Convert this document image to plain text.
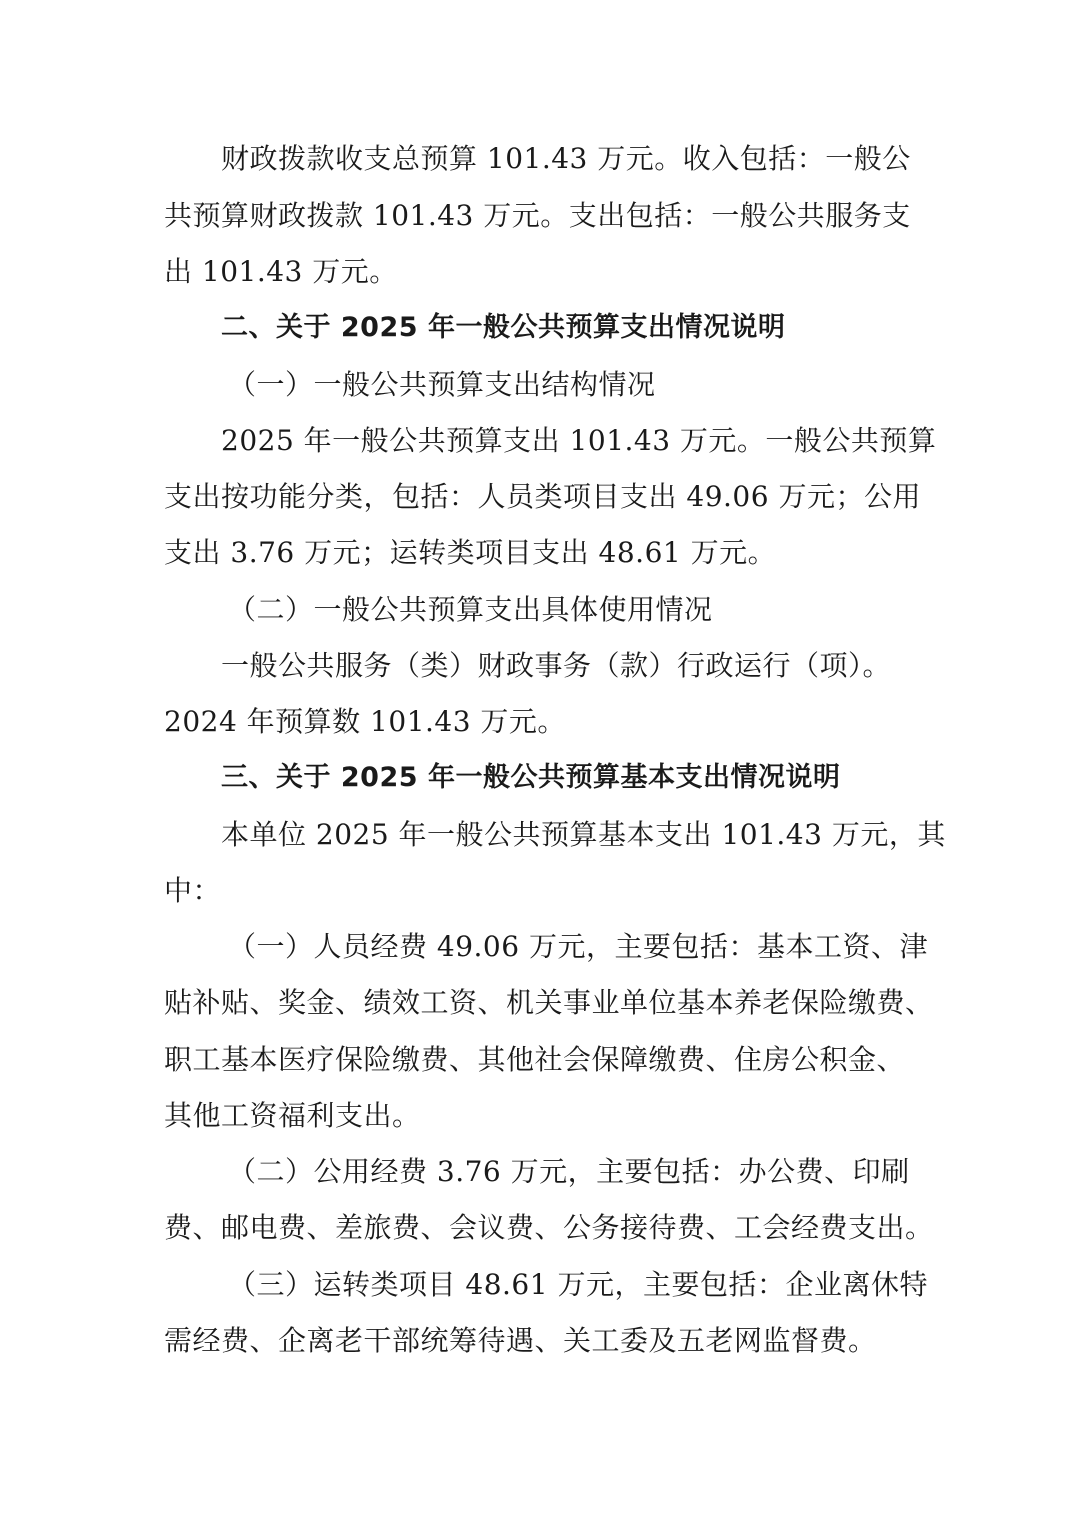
财政拨款收支总预算 101.43 万元。收入包括：一般公
共预算财政拨款 101.43 万元。支出包括：一般公共服务支
出 101.43 万元。
二、关于 2025 年一般公共预算支出情况说明
（一）一般公共预算支出结构情况
2025 年一般公共预算支出 101.43 万元。一般公共预算
支出按功能分类，包括：人员类项目支出 49.06 万元；公用
支出 3.76 万元；运转类项目支出 48.61 万元。
（二）一般公共预算支出具体使用情况
一般公共服务（类）财政事务（款）行政运行（项）。
2024 年预算数 101.43 万元。
三、关于 2025 年一般公共预算基本支出情况说明
本单位 2025 年一般公共预算基本支出 101.43 万元，其
中：
（一）人员经费 49.06 万元，主要包括：基本工资、津
贴补贴、奖金、绩效工资、机关事业单位基本养老保险缴费、
职工基本医疗保险缴费、其他社会保障缴费、住房公积金、
其他工资福利支出。
（二）公用经费 3.76 万元，主要包括：办公费、印刷
费、邮电费、差旅费、会议费、公务接待费、工会经费支出。
（三）运转类项目 48.61 万元，主要包括：企业离休特
需经费、企离老干部统筹待遇、关工委及五老网监督费。
